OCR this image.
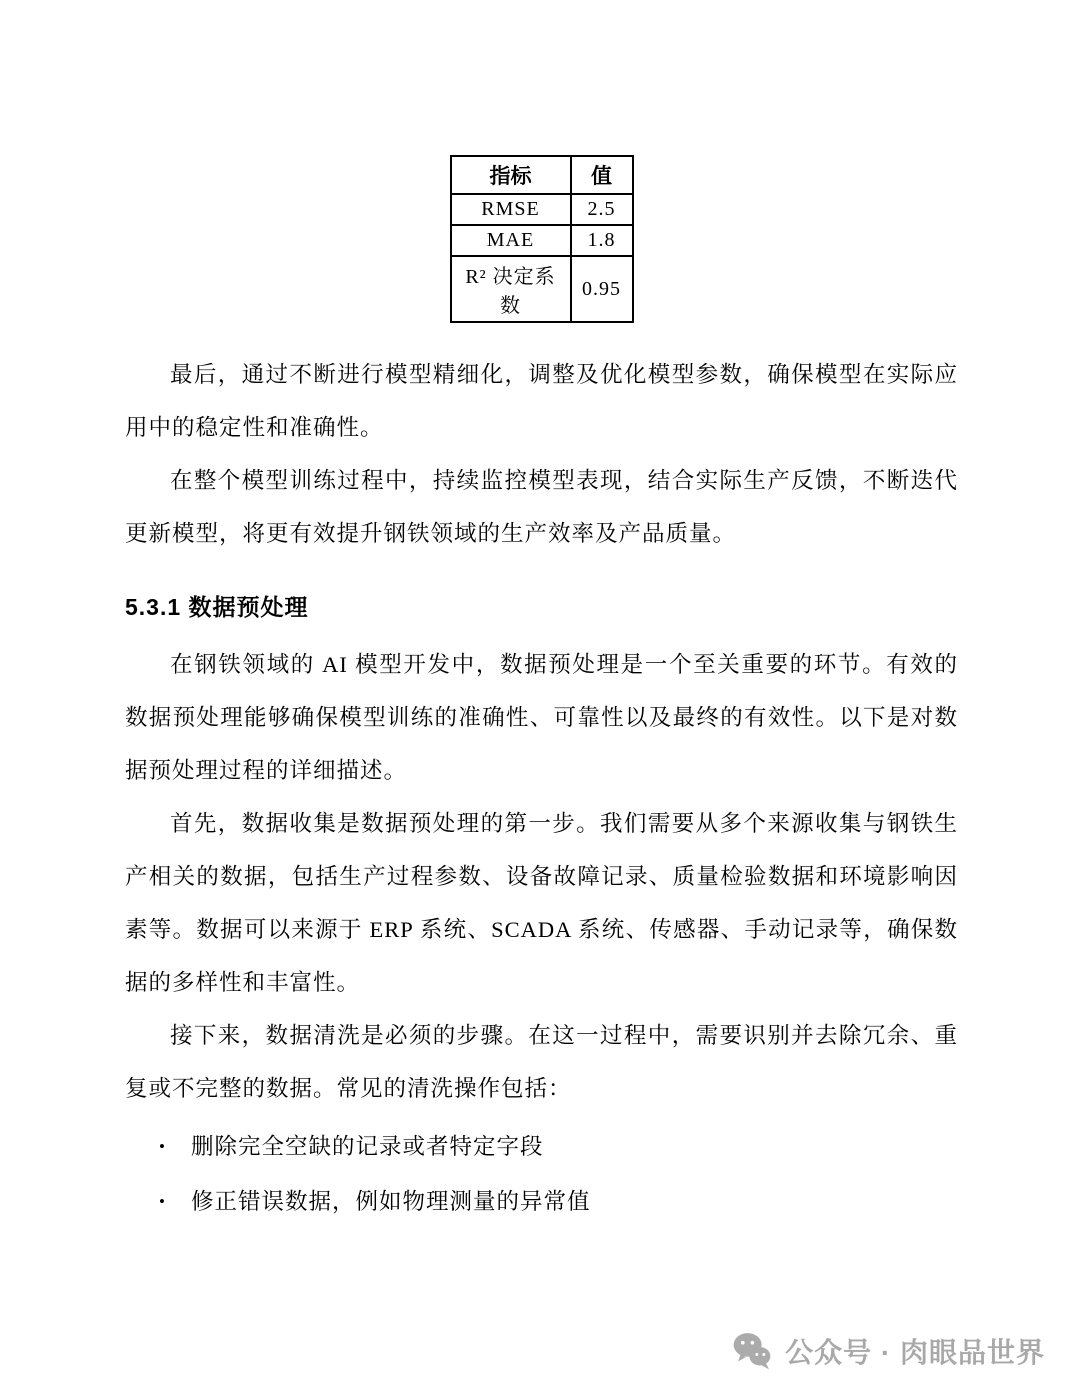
指标	值
RMSE	2.5
MAE	1.8
R² 决定系数	0.95

最后，通过不断进行模型精细化，调整及优化模型参数，确保模型在实际应用中的稳定性和准确性。

在整个模型训练过程中，持续监控模型表现，结合实际生产反馈，不断迭代更新模型，将更有效提升钢铁领域的生产效率及产品质量。

5.3.1 数据预处理

在钢铁领域的 AI 模型开发中，数据预处理是一个至关重要的环节。有效的数据预处理能够确保模型训练的准确性、可靠性以及最终的有效性。以下是对数据预处理过程的详细描述。

首先，数据收集是数据预处理的第一步。我们需要从多个来源收集与钢铁生产相关的数据，包括生产过程参数、设备故障记录、质量检验数据和环境影响因素等。数据可以来源于 ERP 系统、SCADA 系统、传感器、手动记录等，确保数据的多样性和丰富性。

接下来，数据清洗是必须的步骤。在这一过程中，需要识别并去除冗余、重复或不完整的数据。常见的清洗操作包括：

• 删除完全空缺的记录或者特定字段
• 修正错误数据，例如物理测量的异常值
公众号 · 肉眼品世界
